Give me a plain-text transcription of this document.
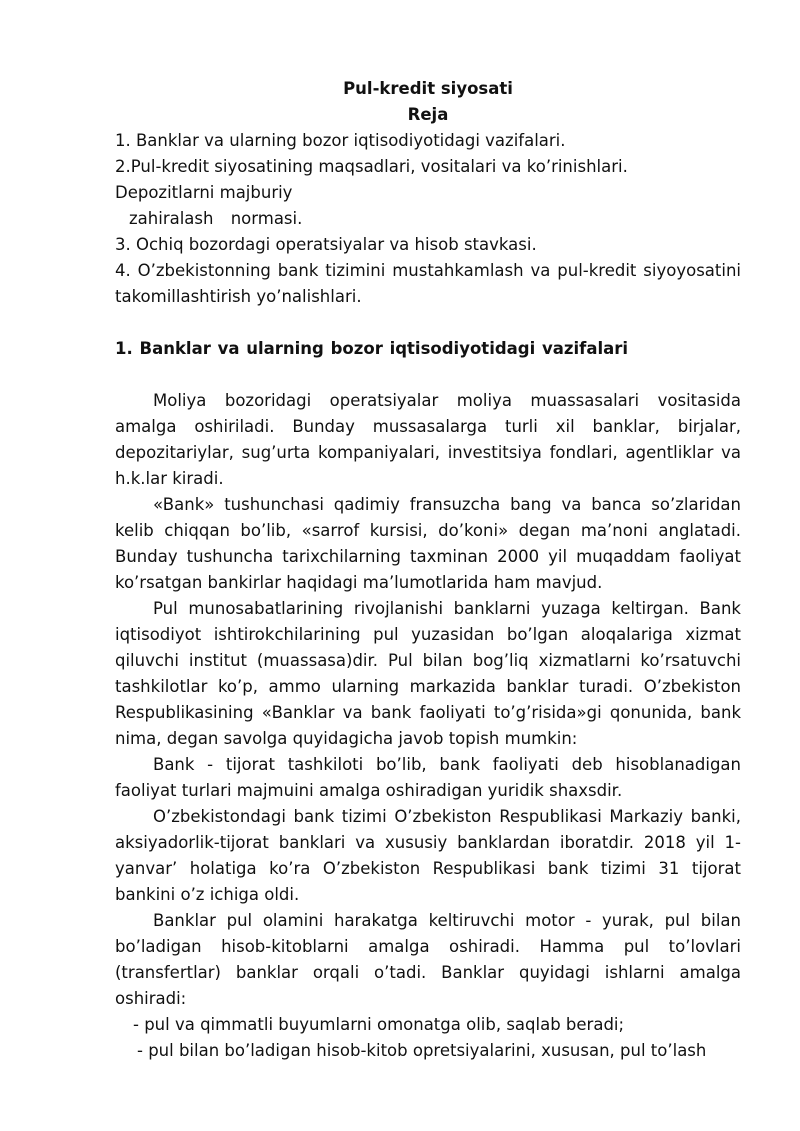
Pul-kredit siyosati

Reja

1. Banklar va ularning bozor iqtisodiyotidagi vazifalari.

2.Pul-kredit siyosatining maqsadlari, vositalari va ko’rinishlari.

Depozitlarni majburiy

zahiralash normasi.

3. Ochiq bozordagi operatsiyalar va hisob stavkasi.

4. O’zbekistonning bank tizimini mustahkamlash va pul-kredit siyoyosatini takomillashtirish yo’nalishlari.

1. Banklar va ularning bozor iqtisodiyotidagi vazifalari

Moliya bozoridagi operatsiyalar moliya muassasalari vositasida amalga oshiriladi. Bunday mussasalarga turli xil banklar, birjalar, depozitariylar, sug’urta kompaniyalari, investitsiya fondlari, agentliklar va h.k.lar kiradi.

«Bank» tushunchasi qadimiy fransuzcha bang va banca so’zlaridan kelib chiqqan bo’lib, «sarrof kursisi, do’koni» degan ma’noni anglatadi. Bunday tushuncha tarixchilarning taxminan 2000 yil muqaddam faoliyat ko’rsatgan bankirlar haqidagi ma’lumotlarida ham mavjud.

Pul munosabatlarining rivojlanishi banklarni yuzaga keltirgan. Bank iqtisodiyot ishtirokchilarining pul yuzasidan bo’lgan aloqalariga xizmat qiluvchi institut (muassasa)dir. Pul bilan bog’liq xizmatlarni ko’rsatuvchi tashkilotlar ko’p, ammo ularning markazida banklar turadi. O’zbekiston Respublikasining «Banklar va bank faoliyati to’g’risida»gi qonunida, bank nima, degan savolga quyidagicha javob topish mumkin:

Bank - tijorat tashkiloti bo’lib, bank faoliyati deb hisoblanadigan faoliyat turlari majmuini amalga oshiradigan yuridik shaxsdir.

O’zbekistondagi bank tizimi O’zbekiston Respublikasi Markaziy banki, aksiyadorlik-tijorat banklari va xususiy banklardan iboratdir. 2018 yil 1-yanvar’ holatiga ko’ra O’zbekiston Respublikasi bank tizimi 31 tijorat bankini o’z ichiga oldi.

Banklar pul olamini harakatga keltiruvchi motor - yurak, pul bilan bo’ladigan hisob-kitoblarni amalga oshiradi. Hamma pul to’lovlari (transfertlar) banklar orqali o’tadi. Banklar quyidagi ishlarni amalga oshiradi:

- pul va qimmatli buyumlarni omonatga olib, saqlab beradi;

- pul bilan bo’ladigan hisob-kitob opretsiyalarini, xususan, pul to’lash
